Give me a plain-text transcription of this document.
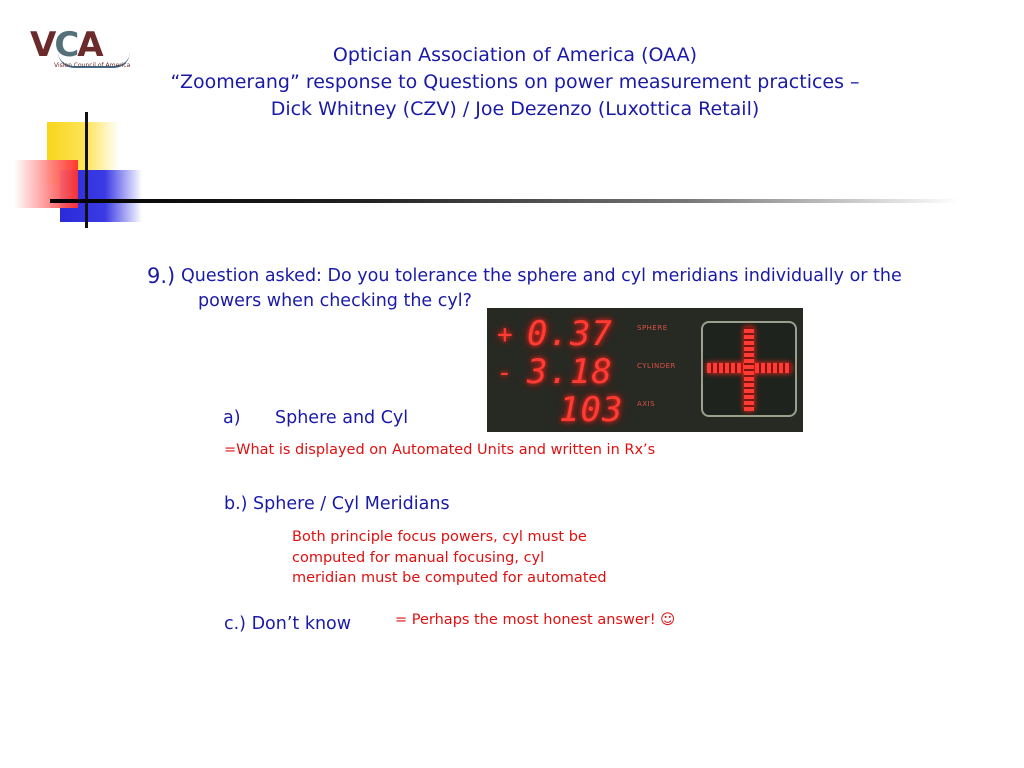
VCA
Vision Council of America	Optician Association of America (OAA)
“Zoomerang” response to Questions on power measurement practices –
Dick Whitney (CZV) / Joe Dezenzo (Luxottica Retail)
9.) Question asked: Do you tolerance the sphere and cyl meridians individually or the
powers when checking the cyl?
+ 0.37	SPHERE
- 3.18	CYLINDER
103 AXIS
a) Sphere and Cyl
=What is displayed on Automated Units and written in Rx’s
b.) Sphere / Cyl Meridians
Both principle focus powers, cyl must be
computed for manual focusing, cyl
meridian must be computed for automated
c.) Don’t know	= Perhaps the most honest answer! ☺
